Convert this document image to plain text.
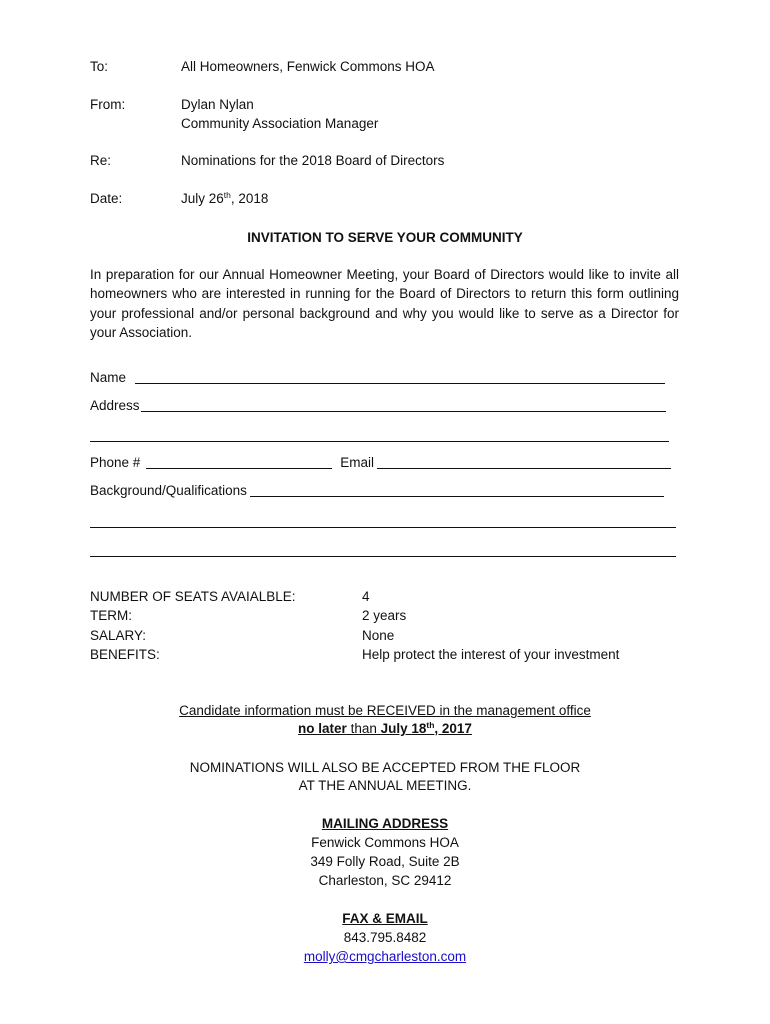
To:	All Homeowners, Fenwick Commons HOA
From:	Dylan Nylan
Community Association Manager
Re:	Nominations for the 2018 Board of Directors
Date:	July 26th, 2018
INVITATION TO SERVE YOUR COMMUNITY

In preparation for our Annual Homeowner Meeting, your Board of Directors would like to invite all homeowners who are interested in running for the Board of Directors to return this form outlining your professional and/or personal background and why you would like to serve as a Director for your Association.

Name
Address
Phone #	Email
Background/Qualifications
NUMBER OF SEATS AVAIALBLE:	4
TERM:	2 years
SALARY:	None
BENEFITS:	Help protect the interest of your investment
Candidate information must be RECEIVED in the management office
no later than July 18th, 2017
NOMINATIONS WILL ALSO BE ACCEPTED FROM THE FLOOR
AT THE ANNUAL MEETING.
MAILING ADDRESS
Fenwick Commons HOA
349 Folly Road, Suite 2B
Charleston, SC 29412
FAX & EMAIL
843.795.8482
molly@cmgcharleston.com
